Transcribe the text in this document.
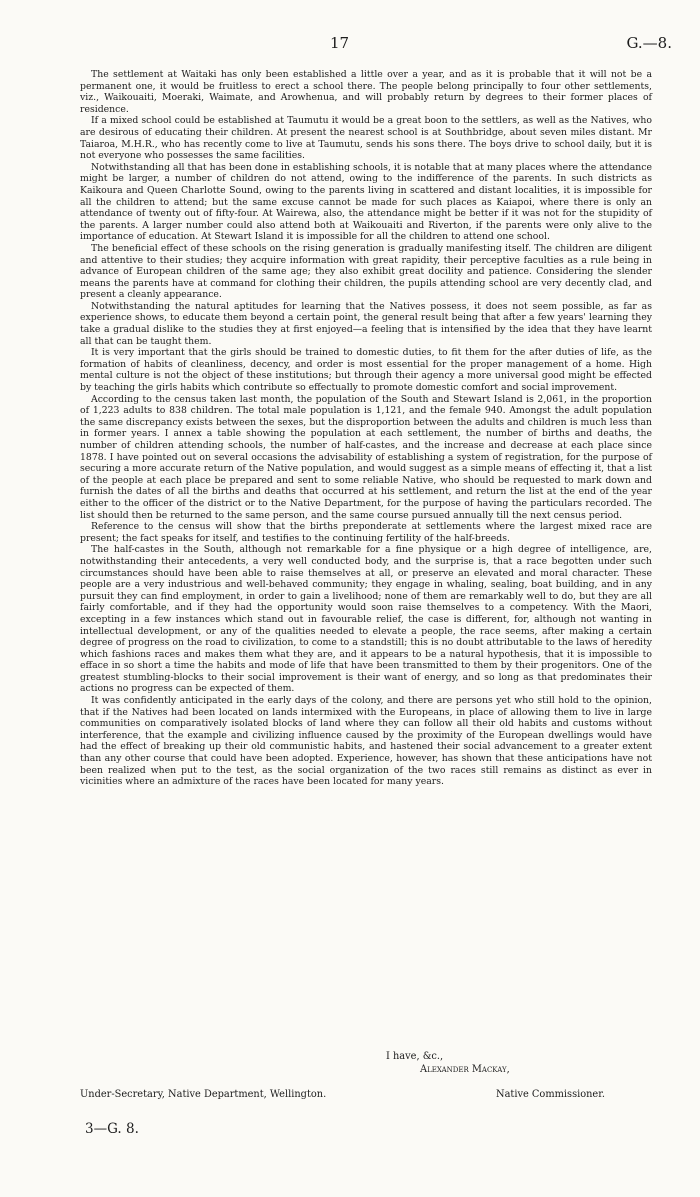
17	G.—8.

The settlement at Waitaki has only been established a little over a year, and as it is probable that it will not be a permanent one, it would be fruitless to erect a school there. The people belong principally to four other settlements, viz., Waikouaiti, Moeraki, Waimate, and Arowhenua, and will probably return by degrees to their former places of residence.

If a mixed school could be established at Taumutu it would be a great boon to the settlers, as well as the Natives, who are desirous of educating their children. At present the nearest school is at Southbridge, about seven miles distant. Mr Taiaroa, M.H.R., who has recently come to live at Taumutu, sends his sons there. The boys drive to school daily, but it is not everyone who possesses the same facilities.

Notwithstanding all that has been done in establishing schools, it is notable that at many places where the attendance might be larger, a number of children do not attend, owing to the indifference of the parents. In such districts as Kaikoura and Queen Charlotte Sound, owing to the parents living in scattered and distant localities, it is impossible for all the children to attend; but the same excuse cannot be made for such places as Kaiapoi, where there is only an attendance of twenty out of fifty-four. At Wairewa, also, the attendance might be better if it was not for the stupidity of the parents. A larger number could also attend both at Waikouaiti and Riverton, if the parents were only alive to the importance of education. At Stewart Island it is impossible for all the children to attend one school.

The beneficial effect of these schools on the rising generation is gradually manifesting itself. The children are diligent and attentive to their studies; they acquire information with great rapidity, their perceptive faculties as a rule being in advance of European children of the same age; they also exhibit great docility and patience. Considering the slender means the parents have at command for clothing their children, the pupils attending school are very decently clad, and present a cleanly appearance.

Notwithstanding the natural aptitudes for learning that the Natives possess, it does not seem possible, as far as experience shows, to educate them beyond a certain point, the general result being that after a few years' learning they take a gradual dislike to the studies they at first enjoyed—a feeling that is intensified by the idea that they have learnt all that can be taught them.

It is very important that the girls should be trained to domestic duties, to fit them for the after duties of life, as the formation of habits of cleanliness, decency, and order is most essential for the proper management of a home. High mental culture is not the object of these institutions; but through their agency a more universal good might be effected by teaching the girls habits which contribute so effectually to promote domestic comfort and social improvement.

According to the census taken last month, the population of the South and Stewart Island is 2,061, in the proportion of 1,223 adults to 838 children. The total male population is 1,121, and the female 940. Amongst the adult population the same discrepancy exists between the sexes, but the disproportion between the adults and children is much less than in former years. I annex a table showing the population at each settlement, the number of births and deaths, the number of children attending schools, the number of half-castes, and the increase and decrease at each place since 1878. I have pointed out on several occasions the advisability of establishing a system of registration, for the purpose of securing a more accurate return of the Native population, and would suggest as a simple means of effecting it, that a list of the people at each place be prepared and sent to some reliable Native, who should be requested to mark down and furnish the dates of all the births and deaths that occurred at his settlement, and return the list at the end of the year either to the officer of the district or to the Native Department, for the purpose of having the particulars recorded. The list should then be returned to the same person, and the same course pursued annually till the next census period.

Reference to the census will show that the births preponderate at settlements where the largest mixed race are present; the fact speaks for itself, and testifies to the continuing fertility of the half-breeds.

The half-castes in the South, although not remarkable for a fine physique or a high degree of intelligence, are, notwithstanding their antecedents, a very well conducted body, and the surprise is, that a race begotten under such circumstances should have been able to raise themselves at all, or preserve an elevated and moral character. These people are a very industrious and well-behaved community; they engage in whaling, sealing, boat building, and in any pursuit they can find employment, in order to gain a livelihood; none of them are remarkably well to do, but they are all fairly comfortable, and if they had the opportunity would soon raise themselves to a competency. With the Maori, excepting in a few instances which stand out in favourable relief, the case is different, for, although not wanting in intellectual development, or any of the qualities needed to elevate a people, the race seems, after making a certain degree of progress on the road to civilization, to come to a standstill; this is no doubt attributable to the laws of heredity which fashions races and makes them what they are, and it appears to be a natural hypothesis, that it is impossible to efface in so short a time the habits and mode of life that have been transmitted to them by their progenitors. One of the greatest stumbling-blocks to their social improvement is their want of energy, and so long as that predominates their actions no progress can be expected of them.

It was confidently anticipated in the early days of the colony, and there are persons yet who still hold to the opinion, that if the Natives had been located on lands intermixed with the Europeans, in place of allowing them to live in large communities on comparatively isolated blocks of land where they can follow all their old habits and customs without interference, that the example and civilizing influence caused by the proximity of the European dwellings would have had the effect of breaking up their old communistic habits, and hastened their social advancement to a greater extent than any other course that could have been adopted. Experience, however, has shown that these anticipations have not been realized when put to the test, as the social organization of the two races still remains as distinct as ever in vicinities where an admixture of the races have been located for many years.

I have, &c.,
Alexander Mackay,
Under-Secretary, Native Department, Wellington.	Native Commissioner.
3—G. 8.
